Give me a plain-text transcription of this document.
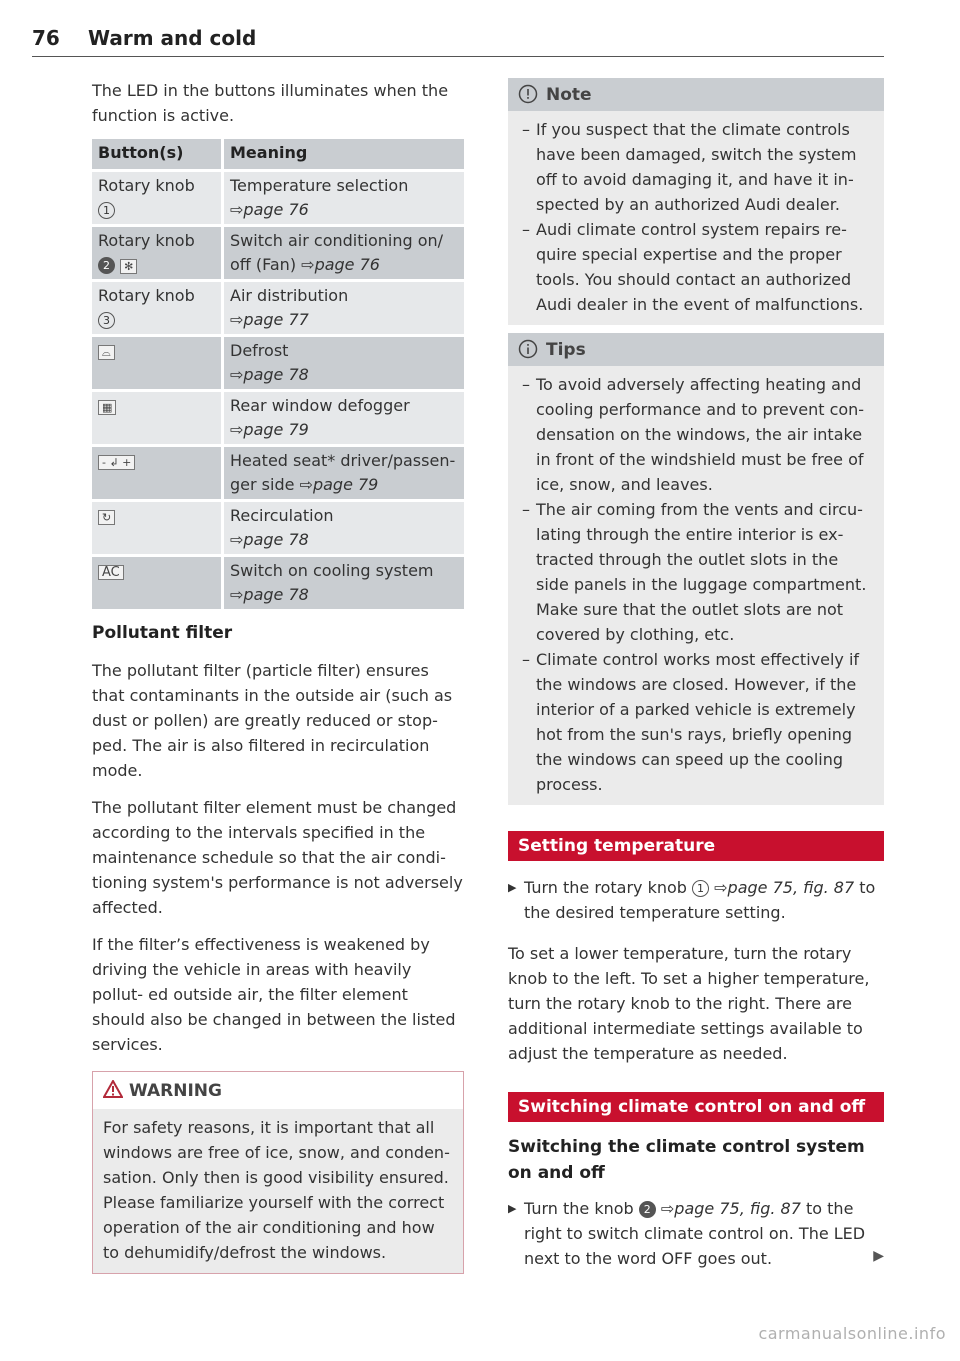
76 Warm and cold

The LED in the buttons illuminates when the function is active.

Button(s)	Meaning
Rotary knob 1	Temperature selection
⇨page 76
Rotary knob 2 ✻	Switch air conditioning on/ off (Fan) ⇨page 76
Rotary knob 3	Air distribution
⇨page 77
⌓	Defrost
⇨page 78
▦	Rear window defogger
⇨page 79
- ↲ +	Heated seat* driver/passen- ger side ⇨page 79
↻	Recirculation
⇨page 78
AC	Switch on cooling system
⇨page 78
Pollutant filter

The pollutant filter (particle filter) ensures that contaminants in the outside air (such as dust or pollen) are greatly reduced or stop- ped. The air is also filtered in recirculation mode.

The pollutant filter element must be changed according to the intervals specified in the maintenance schedule so that the air condi- tioning system's performance is not adversely affected.

If the filter’s effectiveness is weakened by driving the vehicle in areas with heavily pollut- ed outside air, the filter element should also be changed in between the listed services.

WARNING

For safety reasons, it is important that all windows are free of ice, snow, and conden- sation. Only then is good visibility ensured. Please familiarize yourself with the correct operation of the air conditioning and how to dehumidify/defrost the windows.

Note
– If you suspect that the climate controls have been damaged, switch the system off to avoid damaging it, and have it in- spected by an authorized Audi dealer.
– Audi climate control system repairs re- quire special expertise and the proper tools. You should contact an authorized Audi dealer in the event of malfunctions.
Tips
– To avoid adversely affecting heating and cooling performance and to prevent con- densation on the windows, the air intake in front of the windshield must be free of ice, snow, and leaves.
– The air coming from the vents and circu- lating through the entire interior is ex- tracted through the outlet slots in the side panels in the luggage compartment. Make sure that the outlet slots are not covered by clothing, etc.
– Climate control works most effectively if the windows are closed. However, if the interior of a parked vehicle is extremely hot from the sun's rays, briefly opening the windows can speed up the cooling process.
Setting temperature
▶ Turn the rotary knob 1 ⇨page 75, fig. 87 to the desired temperature setting.

To set a lower temperature, turn the rotary knob to the left. To set a higher temperature, turn the rotary knob to the right. There are additional intermediate settings available to adjust the temperature as needed.

Switching climate control on and off
Switching the climate control system on and off
▶ Turn the knob 2 ⇨page 75, fig. 87 to the right to switch climate control on. The LED next to the word OFF goes out.	▶
carmanualsonline.info
